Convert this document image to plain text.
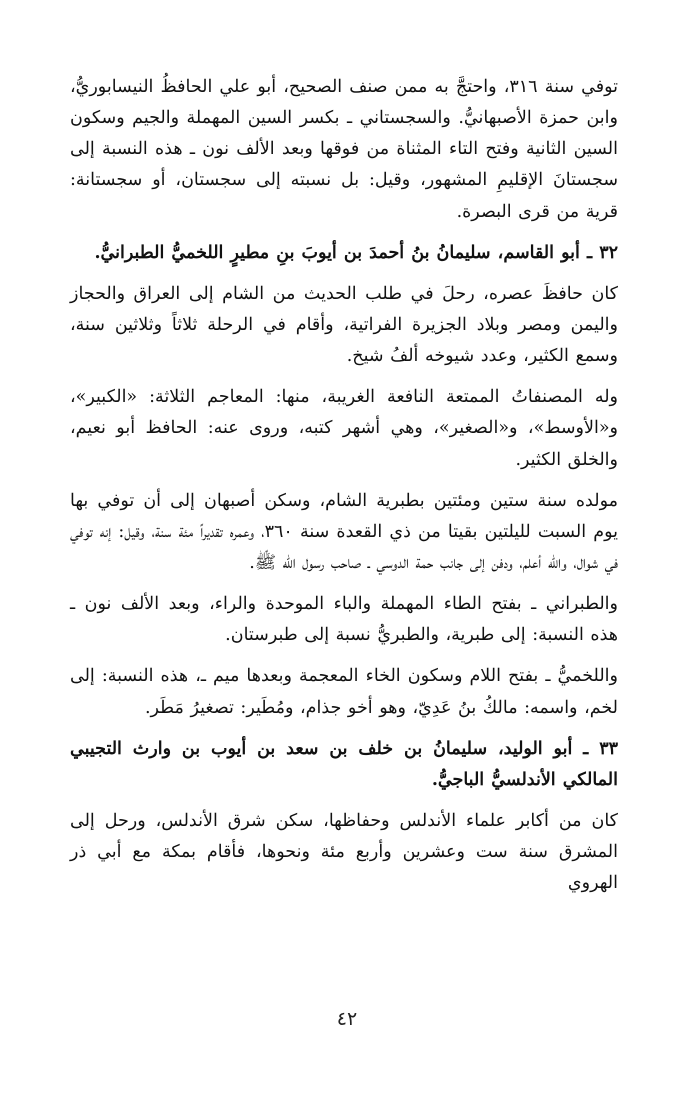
توفي سنة ٣١٦، واحتجَّ به ممن صنف الصحيح، أبو علي الحافظُ النيسابوريُّ، وابن حمزة الأصبهانيُّ. والسجستاني ـ بكسر السين المهملة والجيم وسكون السين الثانية وفتح التاء المثناة من فوقها وبعد الألف نون ـ هذه النسبة إلى سجستانَ الإقليمِ المشهور، وقيل: بل نسبته إلى سجستان، أو سجستانة: قرية من قرى البصرة.

٣٢ ـ أبو القاسم، سليمانُ بنُ أحمدَ بن أيوبَ بنِ مطيرٍ اللخميُّ الطبرانيُّ.

كان حافظَ عصره، رحلَ في طلب الحديث من الشام إلى العراق والحجاز واليمن ومصر وبلاد الجزيرة الفراتية، وأقام في الرحلة ثلاثاً وثلاثين سنة، وسمع الكثير، وعدد شيوخه ألفُ شيخ.

وله المصنفاتُ الممتعة النافعة الغريبة، منها: المعاجم الثلاثة: «الكبير»، و«الأوسط»، و«الصغير»، وهي أشهر كتبه، وروى عنه: الحافظ أبو نعيم، والخلق الكثير.

مولده سنة ستين ومئتين بطبرية الشام، وسكن أصبهان إلى أن توفي بها يوم السبت لليلتين بقيتا من ذي القعدة سنة ٣٦٠، وعمره تقديراً مئة سنة، وقيل: إنه توفي في شوال، والله أعلم، ودفن إلى جانب حمة الدوسي ـ صاحب رسول الله ﷺ.

والطبراني ـ بفتح الطاء المهملة والباء الموحدة والراء، وبعد الألف نون ـ هذه النسبة: إلى طبرية، والطبريُّ نسبة إلى طبرستان.

واللخميُّ ـ بفتح اللام وسكون الخاء المعجمة وبعدها ميم ـ، هذه النسبة: إلى لخم، واسمه: مالكُ بنُ عَدِيّ، وهو أخو جذام، ومُطَير: تصغيرُ مَطَر.

٣٣ ـ أبو الوليد، سليمانُ بن خلف بن سعد بن أيوب بن وارث التجيبي المالكي الأندلسيُّ الباجيُّ.

كان من أكابر علماء الأندلس وحفاظها، سكن شرق الأندلس، ورحل إلى المشرق سنة ست وعشرين وأربع مئة ونحوها، فأقام بمكة مع أبي ذر الهروي

٤٢
